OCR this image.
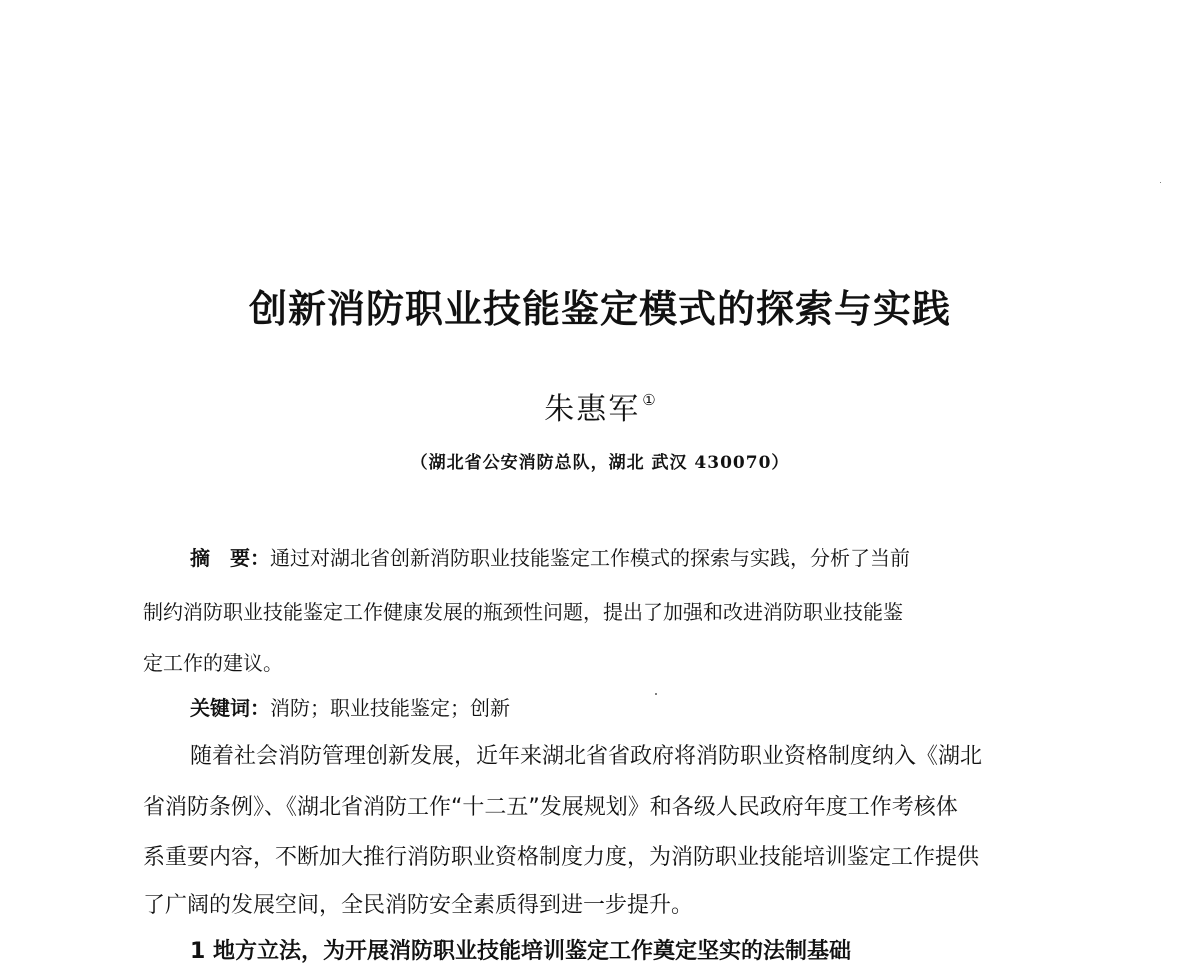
创新消防职业技能鉴定模式的探索与实践
朱惠军 ①
（湖北省公安消防总队，湖北 武汉 430070）
摘　要：通过对湖北省创新消防职业技能鉴定工作模式的探索与实践，分析了当前
制约消防职业技能鉴定工作健康发展的瓶颈性问题，提出了加强和改进消防职业技能鉴
定工作的建议。
关键词：消防；职业技能鉴定；创新
随着社会消防管理创新发展，近年来湖北省省政府将消防职业资格制度纳入《湖北
省消防条例》、《湖北省消防工作“十二五”发展规划》和各级人民政府年度工作考核体
系重要内容，不断加大推行消防职业资格制度力度，为消防职业技能培训鉴定工作提供
了广阔的发展空间，全民消防安全素质得到进一步提升。
1 地方立法，为开展消防职业技能培训鉴定工作奠定坚实的法制基础
